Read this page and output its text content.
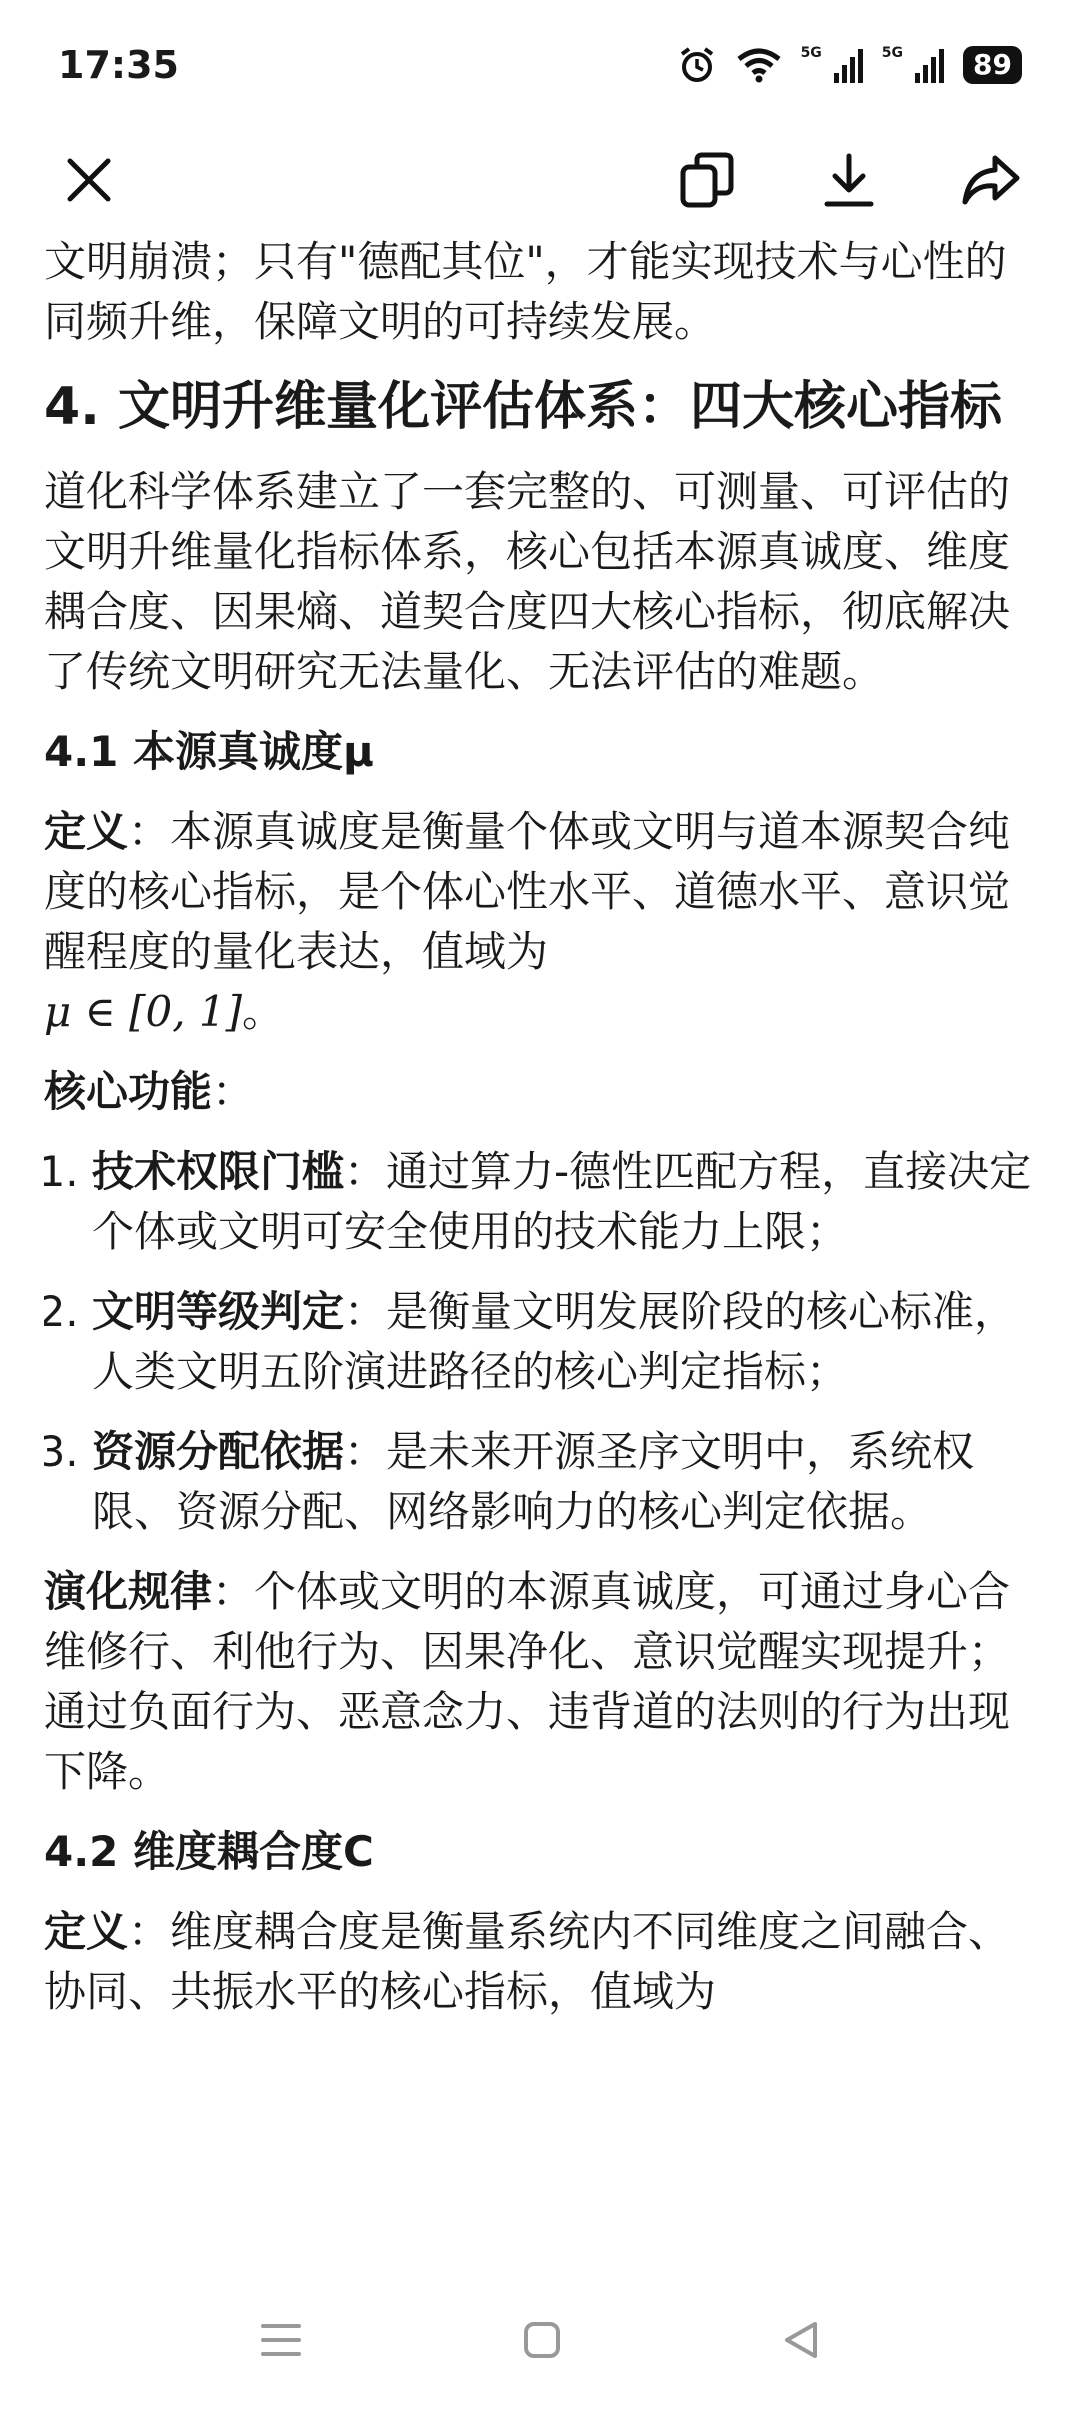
17:35	5G	5G	89

文明崩溃；只有"德配其位"，才能实现技术与心性的同频升维，保障文明的可持续发展。

4. 文明升维量化评估体系：四大核心指标

道化科学体系建立了一套完整的、可测量、可评估的文明升维量化指标体系，核心包括本源真诚度、维度耦合度、因果熵、道契合度四大核心指标，彻底解决了传统文明研究无法量化、无法评估的难题。

4.1 本源真诚度μ

定义：本源真诚度是衡量个体或文明与道本源契合纯度的核心指标，是个体心性水平、道德水平、意识觉醒程度的量化表达，值域为
μ ∈ [0, 1]。

核心功能：

1. 技术权限门槛：通过算力-德性匹配方程，直接决定个体或文明可安全使用的技术能力上限；
2. 文明等级判定：是衡量文明发展阶段的核心标准，人类文明五阶演进路径的核心判定指标；
3. 资源分配依据：是未来开源圣序文明中，系统权限、资源分配、网络影响力的核心判定依据。

演化规律：个体或文明的本源真诚度，可通过身心合维修行、利他行为、因果净化、意识觉醒实现提升；通过负面行为、恶意念力、违背道的法则的行为出现下降。

4.2 维度耦合度C

定义：维度耦合度是衡量系统内不同维度之间融合、协同、共振水平的核心指标，值域为
